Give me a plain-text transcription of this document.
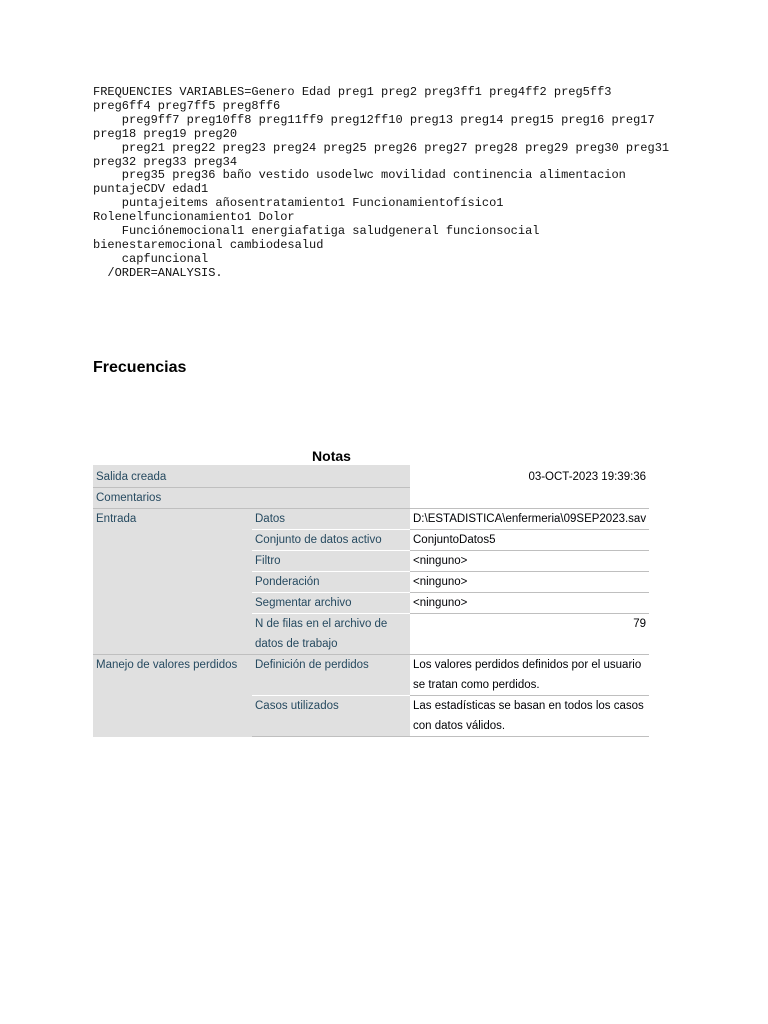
FREQUENCIES VARIABLES=Genero Edad preg1 preg2 preg3ff1 preg4ff2 preg5ff3
preg6ff4 preg7ff5 preg8ff6
preg9ff7 preg10ff8 preg11ff9 preg12ff10 preg13 preg14 preg15 preg16 preg17
preg18 preg19 preg20
preg21 preg22 preg23 preg24 preg25 preg26 preg27 preg28 preg29 preg30 preg31
preg32 preg33 preg34
preg35 preg36 baño vestido usodelwc movilidad continencia alimentacion
puntajeCDV edad1
puntajeitems añosentratamiento1 Funcionamientofísico1
Rolenelfuncionamiento1 Dolor
Funciónemocional1 energiafatiga saludgeneral funcionsocial
bienestaremocional cambiodesalud
capfuncional
/ORDER=ANALYSIS.
Frecuencias
Notas
Salida creada		03-OCT-2023 19:39:36
Comentarios		
Entrada	Datos	D:\ESTADISTICA\enfermeria\09SEP2023.sav
	Conjunto de datos activo	ConjuntoDatos5
	Filtro	<ninguno>
	Ponderación	<ninguno>
	Segmentar archivo	<ninguno>
	N de filas en el archivo de datos de trabajo	79
Manejo de valores perdidos	Definición de perdidos	Los valores perdidos definidos por el usuario se tratan como perdidos.
	Casos utilizados	Las estadísticas se basan en todos los casos con datos válidos.
